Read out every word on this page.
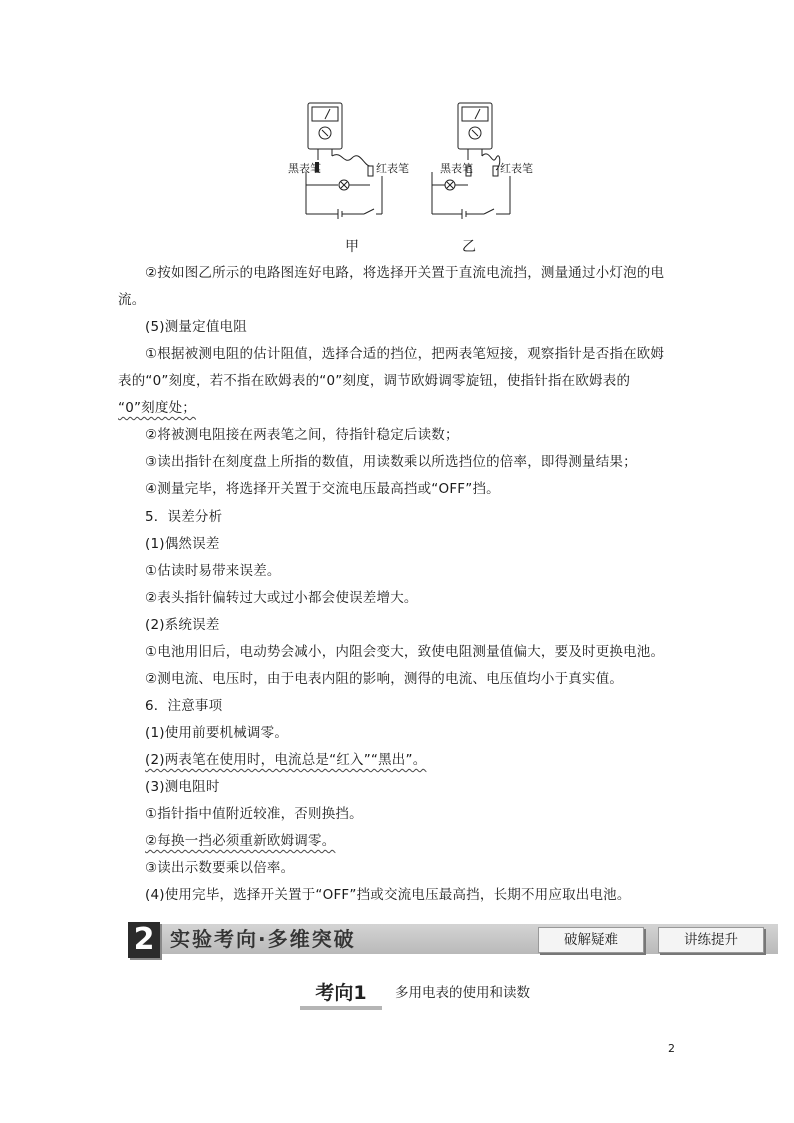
黑表笔	红表笔	黑表笔 红表笔
甲	乙
②按如图乙所示的电路图连好电路，将选择开关置于直流电流挡，测量通过小灯泡的电
流。
(5)测量定值电阻
①根据被测电阻的估计阻值，选择合适的挡位，把两表笔短接，观察指针是否指在欧姆
表的“0”刻度，若不指在欧姆表的“0”刻度，调节欧姆调零旋钮，使指针指在欧姆表的
“0”刻度处；
②将被测电阻接在两表笔之间，待指针稳定后读数；
③读出指针在刻度盘上所指的数值，用读数乘以所选挡位的倍率，即得测量结果；
④测量完毕，将选择开关置于交流电压最高挡或“OFF”挡。
5．误差分析
(1)偶然误差
①估读时易带来误差。
②表头指针偏转过大或过小都会使误差增大。
(2)系统误差
①电池用旧后，电动势会减小，内阻会变大，致使电阻测量值偏大，要及时更换电池。
②测电流、电压时，由于电表内阻的影响，测得的电流、电压值均小于真实值。
6．注意事项
(1)使用前要机械调零。
(2)两表笔在使用时，电流总是“红入”“黑出”。
(3)测电阻时
①指针指中值附近较准，否则换挡。
②每换一挡必须重新欧姆调零。
③读出示数要乘以倍率。
(4)使用完毕，选择开关置于“OFF”挡或交流电压最高挡，长期不用应取出电池。
2 实验考向·多维突破	破解疑难	讲练提升
考向1	多用电表的使用和读数
2
